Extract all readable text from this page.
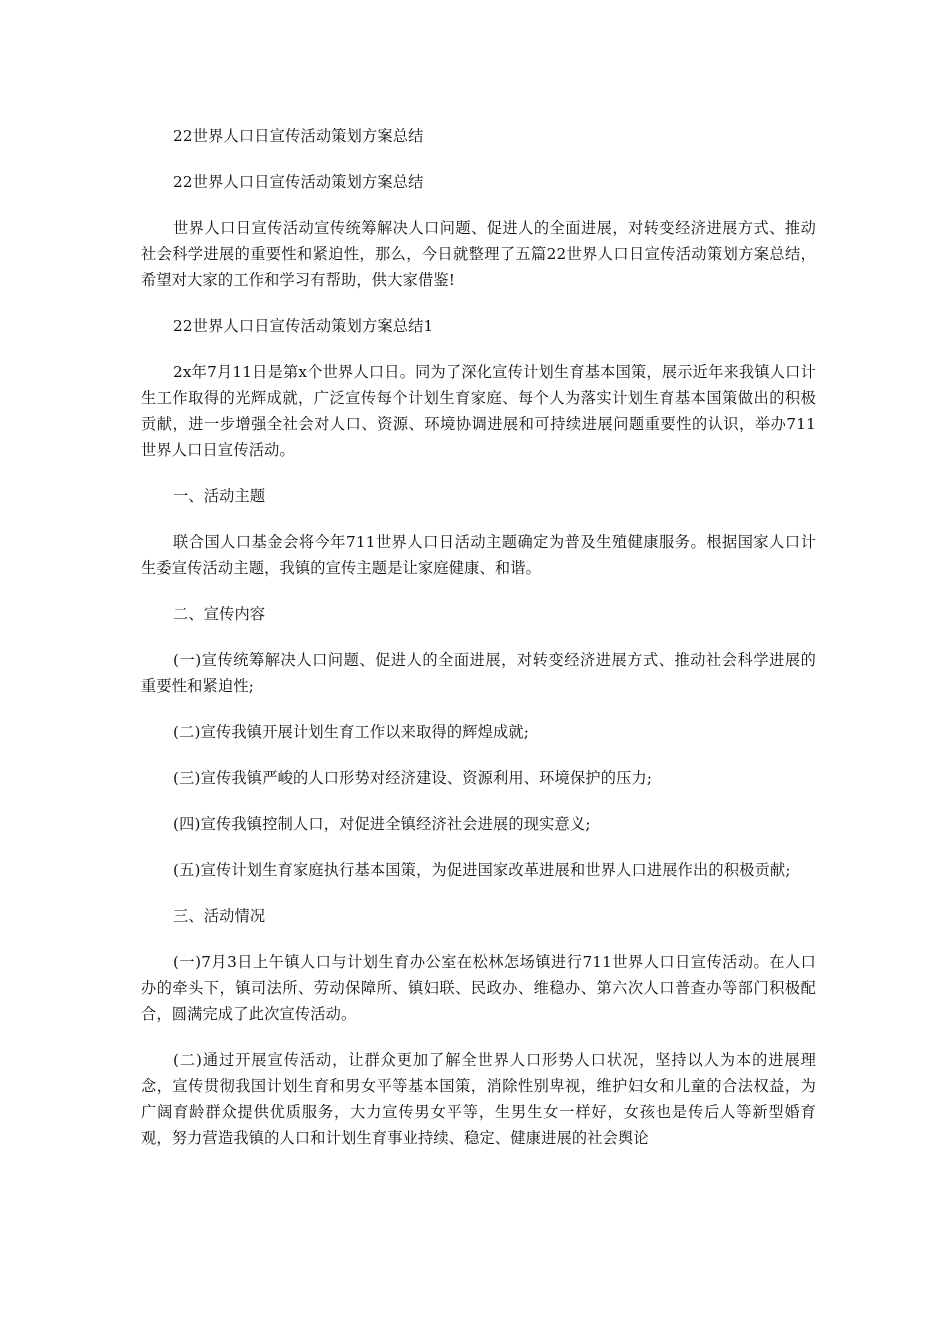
22世界人口日宣传活动策划方案总结

22世界人口日宣传活动策划方案总结

世界人口日宣传活动宣传统筹解决人口问题、促进人的全面进展，对转变经济进展方式、推动社会科学进展的重要性和紧迫性，那么，今日就整理了五篇22世界人口日宣传活动策划方案总结，希望对大家的工作和学习有帮助，供大家借鉴!

22世界人口日宣传活动策划方案总结1

2x年7月11日是第x个世界人口日。同为了深化宣传计划生育基本国策，展示近年来我镇人口计生工作取得的光辉成就，广泛宣传每个计划生育家庭、每个人为落实计划生育基本国策做出的积极贡献，进一步增强全社会对人口、资源、环境协调进展和可持续进展问题重要性的认识，举办711世界人口日宣传活动。

一、活动主题

联合国人口基金会将今年711世界人口日活动主题确定为普及生殖健康服务。根据国家人口计生委宣传活动主题，我镇的宣传主题是让家庭健康、和谐。

二、宣传内容

(一)宣传统筹解决人口问题、促进人的全面进展，对转变经济进展方式、推动社会科学进展的重要性和紧迫性;

(二)宣传我镇开展计划生育工作以来取得的辉煌成就;

(三)宣传我镇严峻的人口形势对经济建设、资源利用、环境保护的压力;

(四)宣传我镇控制人口，对促进全镇经济社会进展的现实意义;

(五)宣传计划生育家庭执行基本国策，为促进国家改革进展和世界人口进展作出的积极贡献;

三、活动情况

(一)7月3日上午镇人口与计划生育办公室在松林怎场镇进行711世界人口日宣传活动。在人口办的牵头下，镇司法所、劳动保障所、镇妇联、民政办、维稳办、第六次人口普查办等部门积极配合，圆满完成了此次宣传活动。

(二)通过开展宣传活动，让群众更加了解全世界人口形势人口状况，坚持以人为本的进展理念，宣传贯彻我国计划生育和男女平等基本国策，消除性别卑视，维护妇女和儿童的合法权益，为广阔育龄群众提供优质服务，大力宣传男女平等，生男生女一样好，女孩也是传后人等新型婚育观，努力营造我镇的人口和计划生育事业持续、稳定、健康进展的社会舆论
